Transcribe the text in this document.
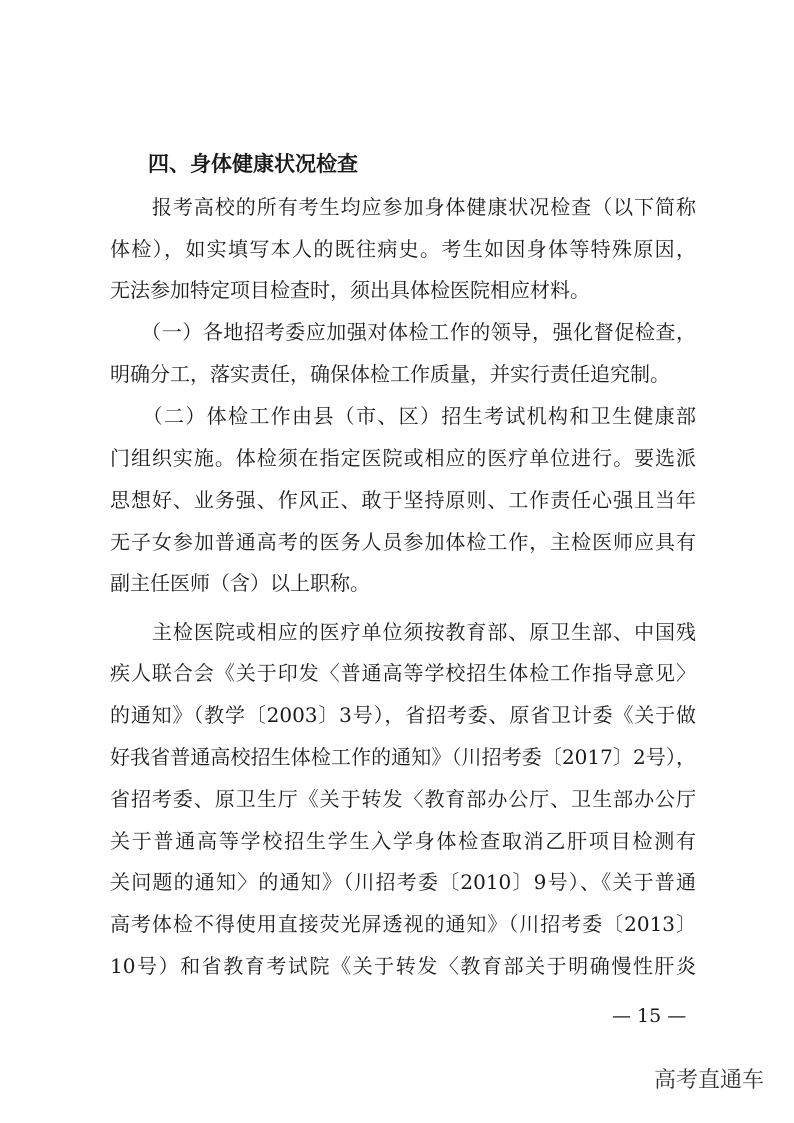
四、身体健康状况检查
　　报考高校的所有考生均应参加身体健康状况检查（以下简称
体检），如实填写本人的既往病史。考生如因身体等特殊原因，
无法参加特定项目检查时，须出具体检医院相应材料。
　　（一）各地招考委应加强对体检工作的领导，强化督促检查，
明确分工，落实责任，确保体检工作质量，并实行责任追究制。
　　（二）体检工作由县（市、区）招生考试机构和卫生健康部
门组织实施。体检须在指定医院或相应的医疗单位进行。要选派
思想好、业务强、作风正、敢于坚持原则、工作责任心强且当年
无子女参加普通高考的医务人员参加体检工作，主检医师应具有
副主任医师（含）以上职称。
　　主检医院或相应的医疗单位须按教育部、原卫生部、中国残
疾人联合会《关于印发〈普通高等学校招生体检工作指导意见〉
的通知》（教学〔2003〕3号），省招考委、原省卫计委《关于做
好我省普通高校招生体检工作的通知》（川招考委〔2017〕2号），
省招考委、原卫生厅《关于转发〈教育部办公厅、卫生部办公厅
关于普通高等学校招生学生入学身体检查取消乙肝项目检测有
关问题的通知〉的通知》（川招考委〔2010〕9号）、《关于普通
高考体检不得使用直接荧光屏透视的通知》（川招考委〔2013〕
10号）和省教育考试院《关于转发〈教育部关于明确慢性肝炎
— 15 —
高考直通车
